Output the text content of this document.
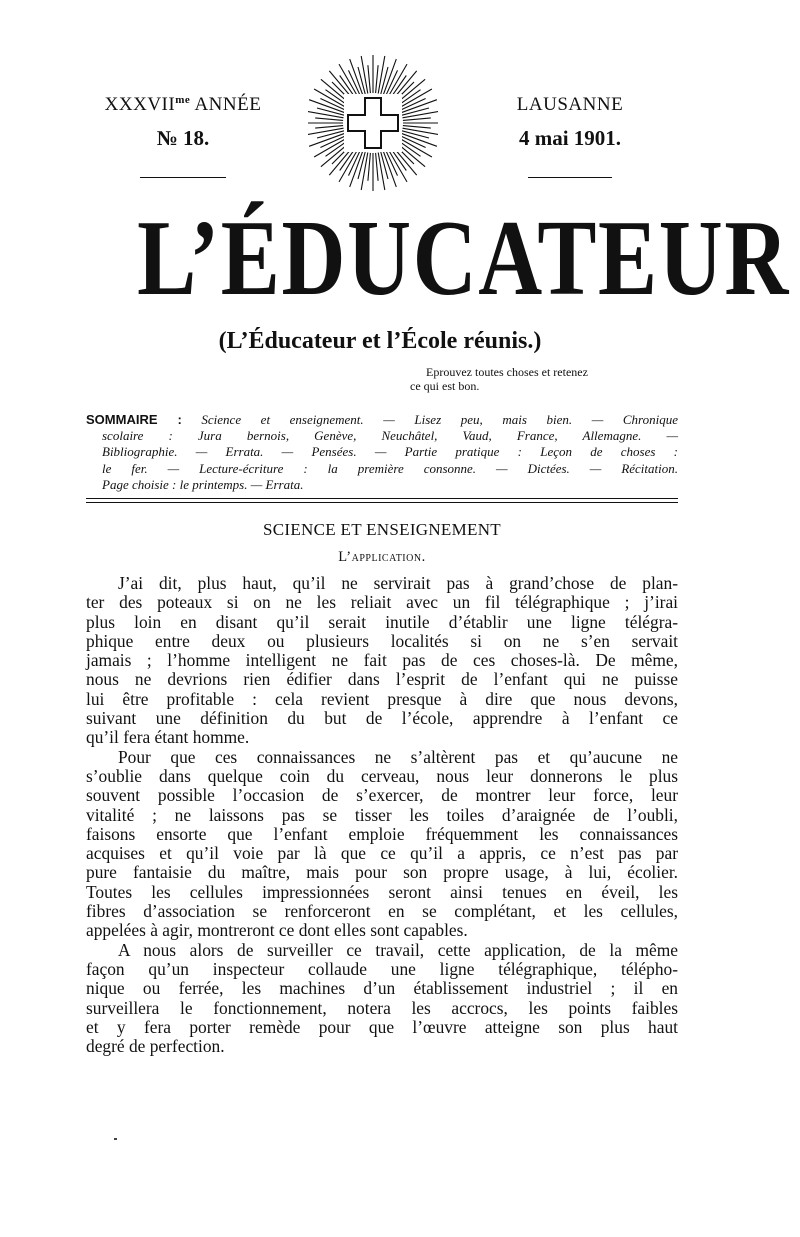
$XXXVII^{me}$ ANNÉE
№ 18.
LAUSANNE
4 mai 1901.
L’ÉDUCATEUR
(L’Éducateur et l’École réunis.)
Eprouvez toutes choses et retenez
ce qui est bon.
SOMMAIRE : Science et enseignement. — Lisez peu, mais bien. — Chronique
scolaire : Jura bernois, Genève, Neuchâtel, Vaud, France, Allemagne. —
Bibliographie. — Errata. — Pensées. — Partie pratique : Leçon de choses :
le fer. — Lecture-écriture : la première consonne. — Dictées. — Récitation.
Page choisie : le printemps. — Errata.
SCIENCE ET ENSEIGNEMENT
L’application.
J’ai dit, plus haut, qu’il ne servirait pas à grand’chose de plan-
ter des poteaux si on ne les reliait avec un fil télégraphique ; j’irai
plus loin en disant qu’il serait inutile d’établir une ligne télégra-
phique entre deux ou plusieurs localités si on ne s’en servait
jamais ; l’homme intelligent ne fait pas de ces choses-là. De même,
nous ne devrions rien édifier dans l’esprit de l’enfant qui ne puisse
lui être profitable : cela revient presque à dire que nous devons,
suivant une définition du but de l’école, apprendre à l’enfant ce
qu’il fera étant homme.
Pour que ces connaissances ne s’altèrent pas et qu’aucune ne
s’oublie dans quelque coin du cerveau, nous leur donnerons le plus
souvent possible l’occasion de s’exercer, de montrer leur force, leur
vitalité ; ne laissons pas se tisser les toiles d’araignée de l’oubli,
faisons ensorte que l’enfant emploie fréquemment les connaissances
acquises et qu’il voie par là que ce qu’il a appris, ce n’est pas par
pure fantaisie du maître, mais pour son propre usage, à lui, écolier.
Toutes les cellules impressionnées seront ainsi tenues en éveil, les
fibres d’association se renforceront en se complétant, et les cellules,
appelées à agir, montreront ce dont elles sont capables.
A nous alors de surveiller ce travail, cette application, de la même
façon qu’un inspecteur collaude une ligne télégraphique, télépho-
nique ou ferrée, les machines d’un établissement industriel ; il en
surveillera le fonctionnement, notera les accrocs, les points faibles
et y fera porter remède pour que l’œuvre atteigne son plus haut
degré de perfection.
